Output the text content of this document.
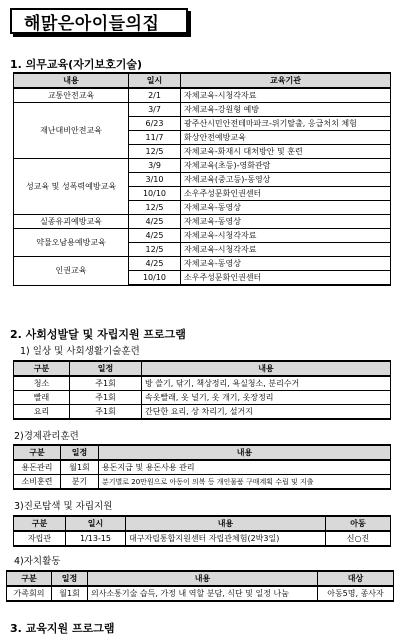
해맑은아이들의집
1. 의무교육(자기보호기술)
내용	일시	교육기관
교통안전교육	2/1	자체교육-시청각자료
재난대비안전교육	3/7	자체교육-강원형 예방
	6/23	광주산시민안전테마파크-위기탈출, 응급처치 체험
	11/7	화상안전예방교육
	12/5	자체교육-화재시 대처방안 및 훈련
성교육 및 성폭력예방교육	3/9	자체교육(초등)-영화관람
	3/10	자체교육(중고등)-동영상
	10/10	소우주성문화인권센터
	12/5	자체교육-동영상
실종유괴예방교육	4/25	자체교육-동영상
약물오남용예방교육	4/25	자체교육-시청각자료
	12/5	자체교육-시청각자료
인권교육	4/25	자체교육-동영상
	10/10	소우주성문화인권센터
2. 사회성발달 및 자립지원 프로그램
1) 일상 및 사회생활기술훈련
구분	일정	내용
청소	주1회	방 쓸기, 닦기, 책상정리, 욕실청소, 분리수거
빨래	주1회	속옷빨래, 옷 널기, 옷 개기, 옷장정리
요리	주1회	간단한 요리, 상 차리기, 설거지
2)경제관리훈련
구분	일정	내용
용돈관리	월1회	용돈지급 및 용돈사용 관리
소비훈련	분기	분기별로 20만원으로 아동이 의복 등 개인물품 구매계획 수립 및 지출
3)진로탐색 및 자립지원
구분	일시	내용	아동
자립관	1/13-15	대구자립통합지원센터 자립관체험(2박3일)	신○진
4)자치활동
구분	일정	내용	대상
가족회의	월1회	의사소통기술 습득, 가정 내 역할 분담, 식단 및 일정 나눔	아동5명, 종사자
3. 교육지원 프로그램
